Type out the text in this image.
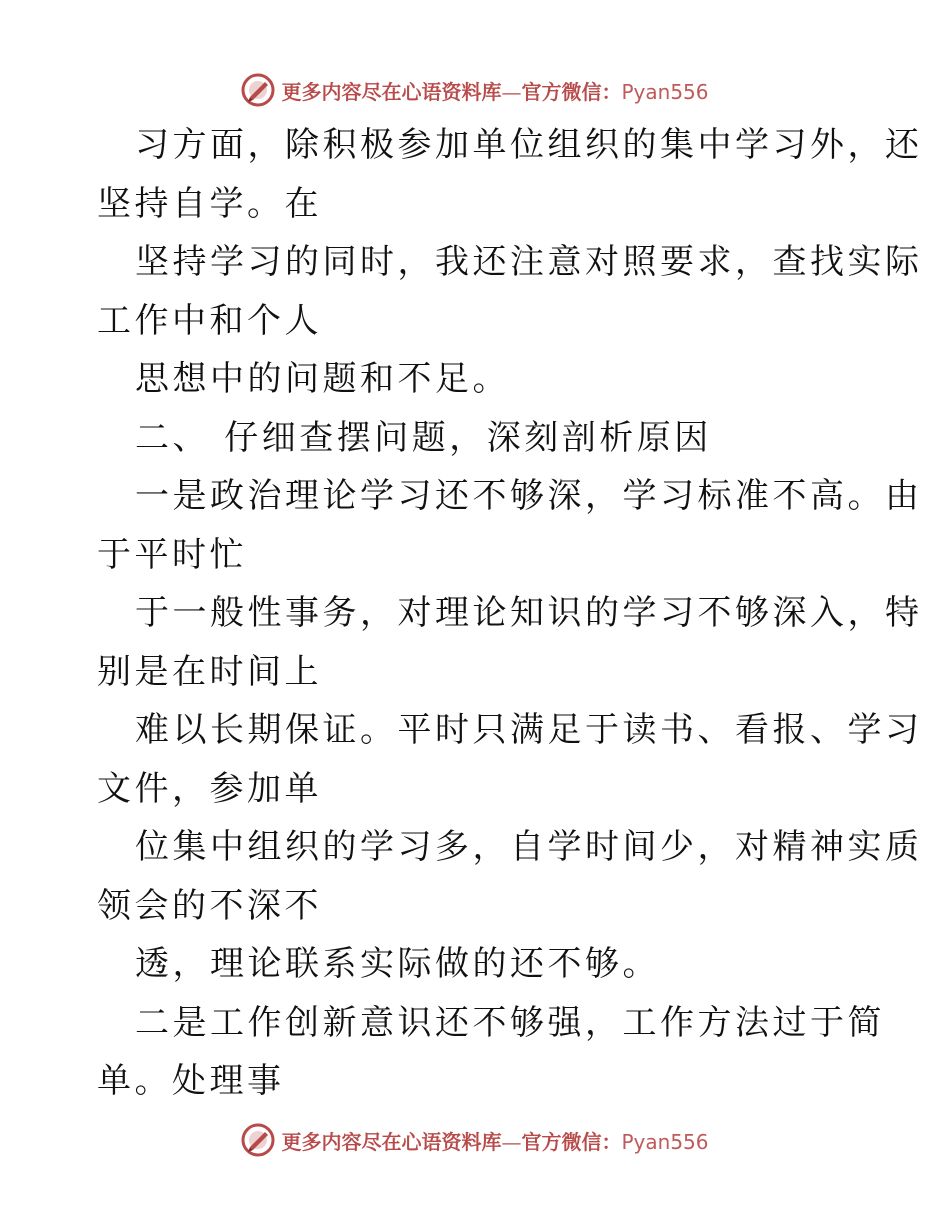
更多内容尽在心语资料库—官方微信：Pyan556
习方面，除积极参加单位组织的集中学习外，还
坚持自学。在
坚持学习的同时，我还注意对照要求，查找实际
工作中和个人
思想中的问题和不足。
二、 仔细查摆问题，深刻剖析原因
一是政治理论学习还不够深，学习标准不高。由
于平时忙
于一般性事务，对理论知识的学习不够深入，特
别是在时间上
难以长期保证。平时只满足于读书、看报、学习
文件，参加单
位集中组织的学习多，自学时间少，对精神实质
领会的不深不
透，理论联系实际做的还不够。
二是工作创新意识还不够强，工作方法过于简
单。处理事
更多内容尽在心语资料库—官方微信：Pyan556
